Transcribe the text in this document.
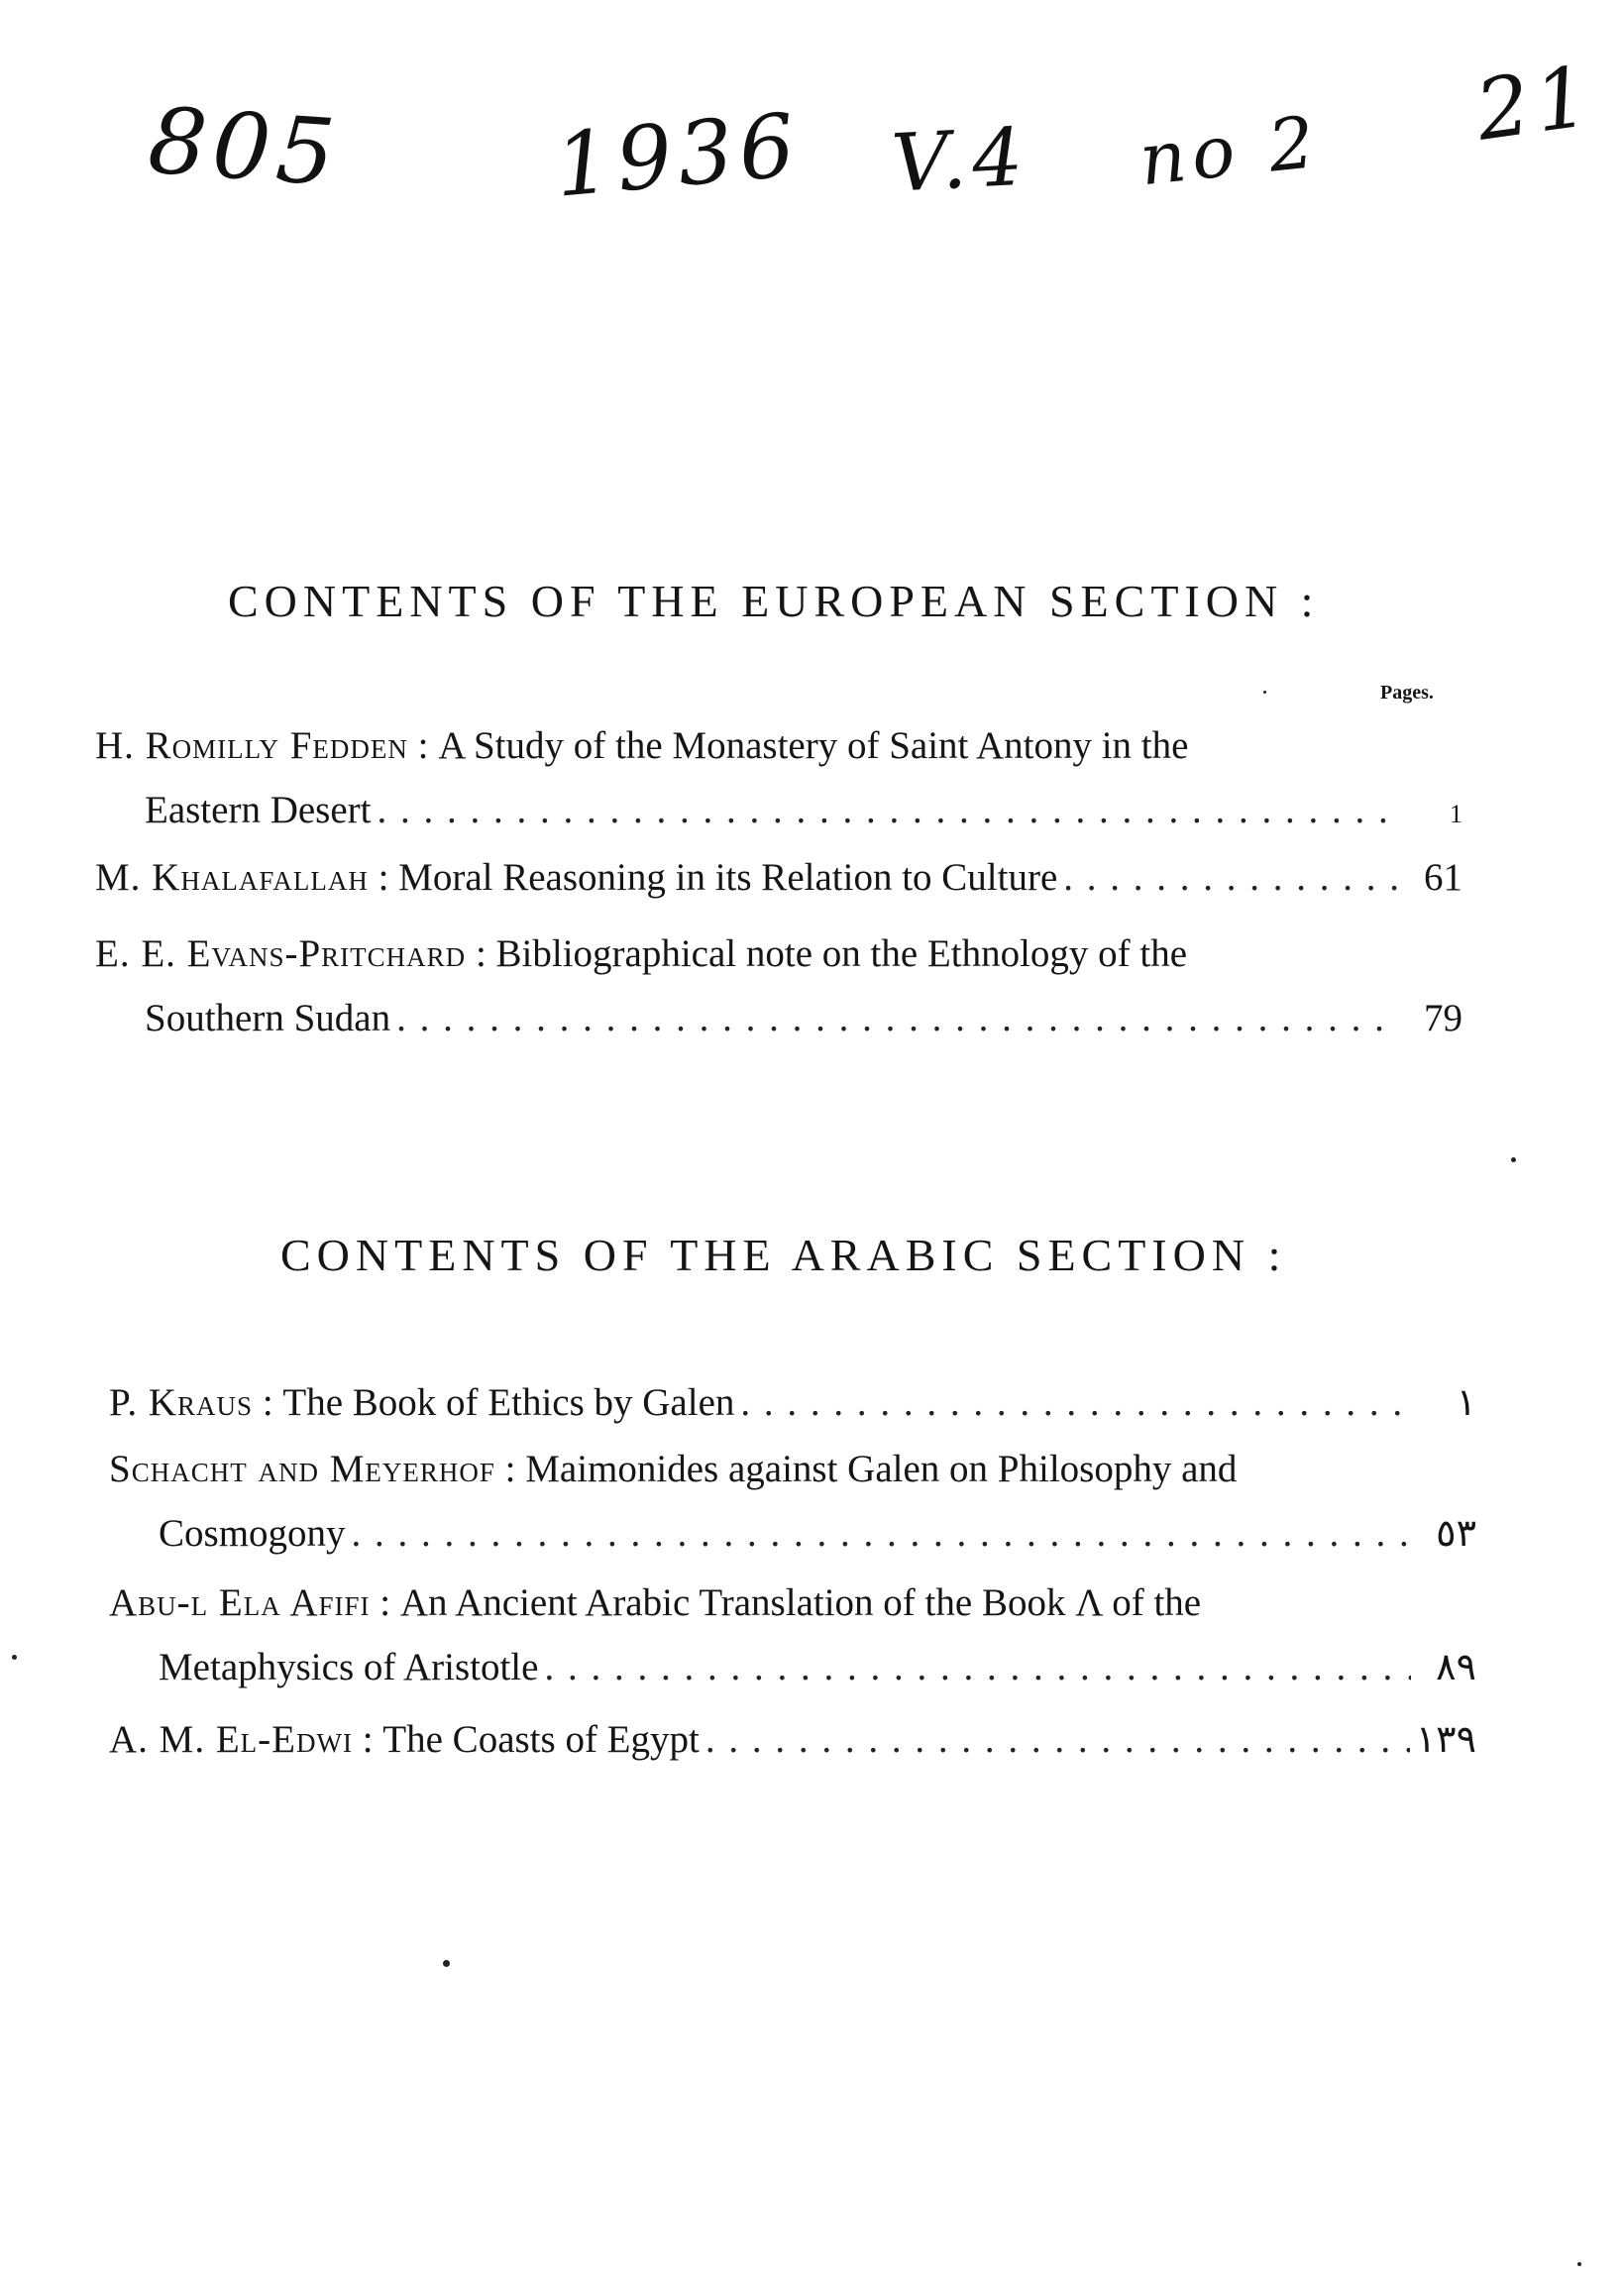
805 1936 V.4 no 2 21
CONTENTS OF THE EUROPEAN SECTION :
Pages.
H. Romilly Fedden : A Study of the Monastery of Saint Antony in the
Eastern Desert . . .	1
M. Khalafallah : Moral Reasoning in its Relation to Culture . . .	61
E. E. Evans-Pritchard : Bibliographical note on the Ethnology of the
Southern Sudan . . .	79
CONTENTS OF THE ARABIC SECTION :
P. Kraus : The Book of Ethics by Galen . . .	١
Schacht and Meyerhof : Maimonides against Galen on Philosophy and
Cosmogony . . .	٥٣
Abu-l Ela Afifi : An Ancient Arabic Translation of the Book Λ of the
Metaphysics of Aristotle . . .	٨٩
A. M. El-Edwi : The Coasts of Egypt . . .	١٣٩
